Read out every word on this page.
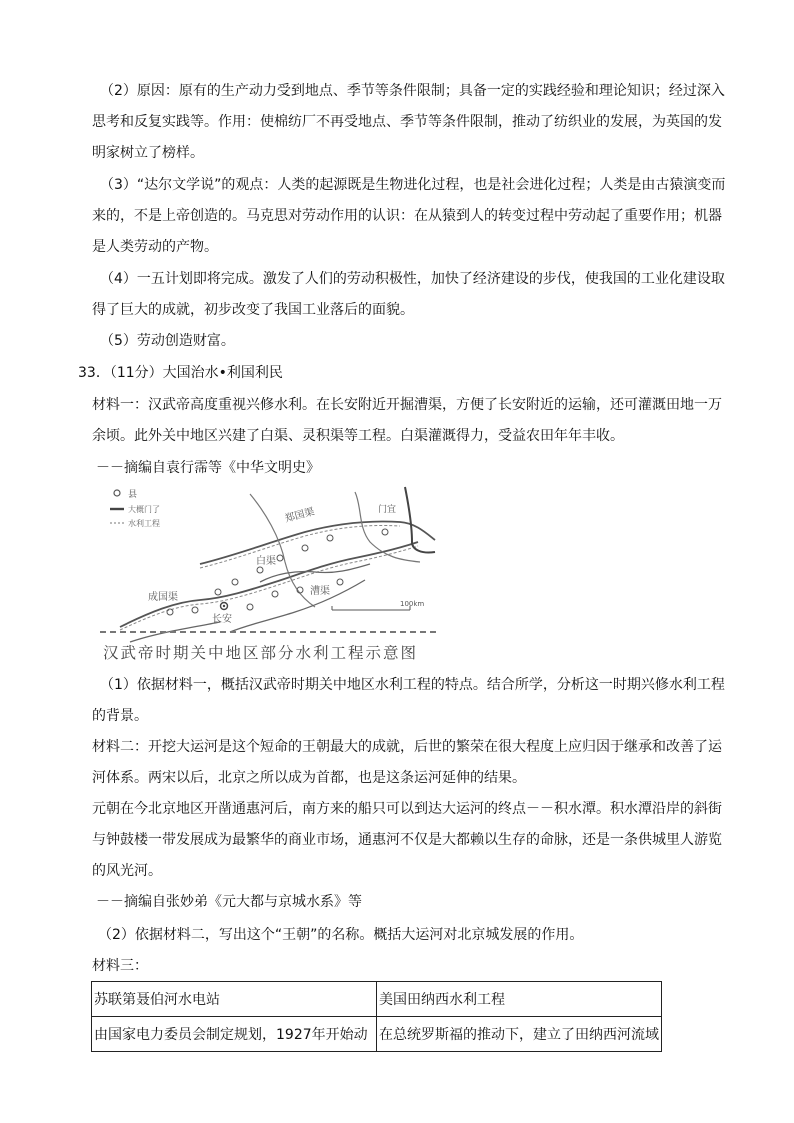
（2）原因：原有的生产动力受到地点、季节等条件限制；具备一定的实践经验和理论知识；经过深入
思考和反复实践等。作用：使棉纺厂不再受地点、季节等条件限制，推动了纺织业的发展，为英国的发
明家树立了榜样。
（3）“达尔文学说”的观点：人类的起源既是生物进化过程，也是社会进化过程；人类是由古猿演变而
来的，不是上帝创造的。马克思对劳动作用的认识：在从猿到人的转变过程中劳动起了重要作用；机器
是人类劳动的产物。
（4）一五计划即将完成。激发了人们的劳动积极性，加快了经济建设的步伐，使我国的工业化建设取
得了巨大的成就，初步改变了我国工业落后的面貌。
（5）劳动创造财富。
33．（11分）大国治水•利国利民
材料一：汉武帝高度重视兴修水利。在长安附近开掘漕渠，方便了长安附近的运输，还可灌溉田地一万
余顷。此外关中地区兴建了白渠、灵积渠等工程。白渠灌溉得力，受益农田年年丰收。
－－摘编自袁行霈等《中华文明史》
县
大概门了
水利工程	郑国渠
白渠
成国渠
长安
漕渠
门宜
100km
汉武帝时期关中地区部分水利工程示意图
（1）依据材料一，概括汉武帝时期关中地区水利工程的特点。结合所学，分析这一时期兴修水利工程
的背景。
材料二：开挖大运河是这个短命的王朝最大的成就，后世的繁荣在很大程度上应归因于继承和改善了运
河体系。两宋以后，北京之所以成为首都，也是这条运河延伸的结果。
元朝在今北京地区开凿通惠河后，南方来的船只可以到达大运河的终点－－积水潭。积水潭沿岸的斜街
与钟鼓楼一带发展成为最繁华的商业市场，通惠河不仅是大都赖以生存的命脉，还是一条供城里人游览
的风光河。
－－摘编自张妙弟《元大都与京城水系》等
（2）依据材料二，写出这个“王朝”的名称。概括大运河对北京城发展的作用。
材料三：
苏联第聂伯河水电站	美国田纳西水利工程
由国家电力委员会制定规划，1927年开始动	在总统罗斯福的推动下，建立了田纳西河流域
